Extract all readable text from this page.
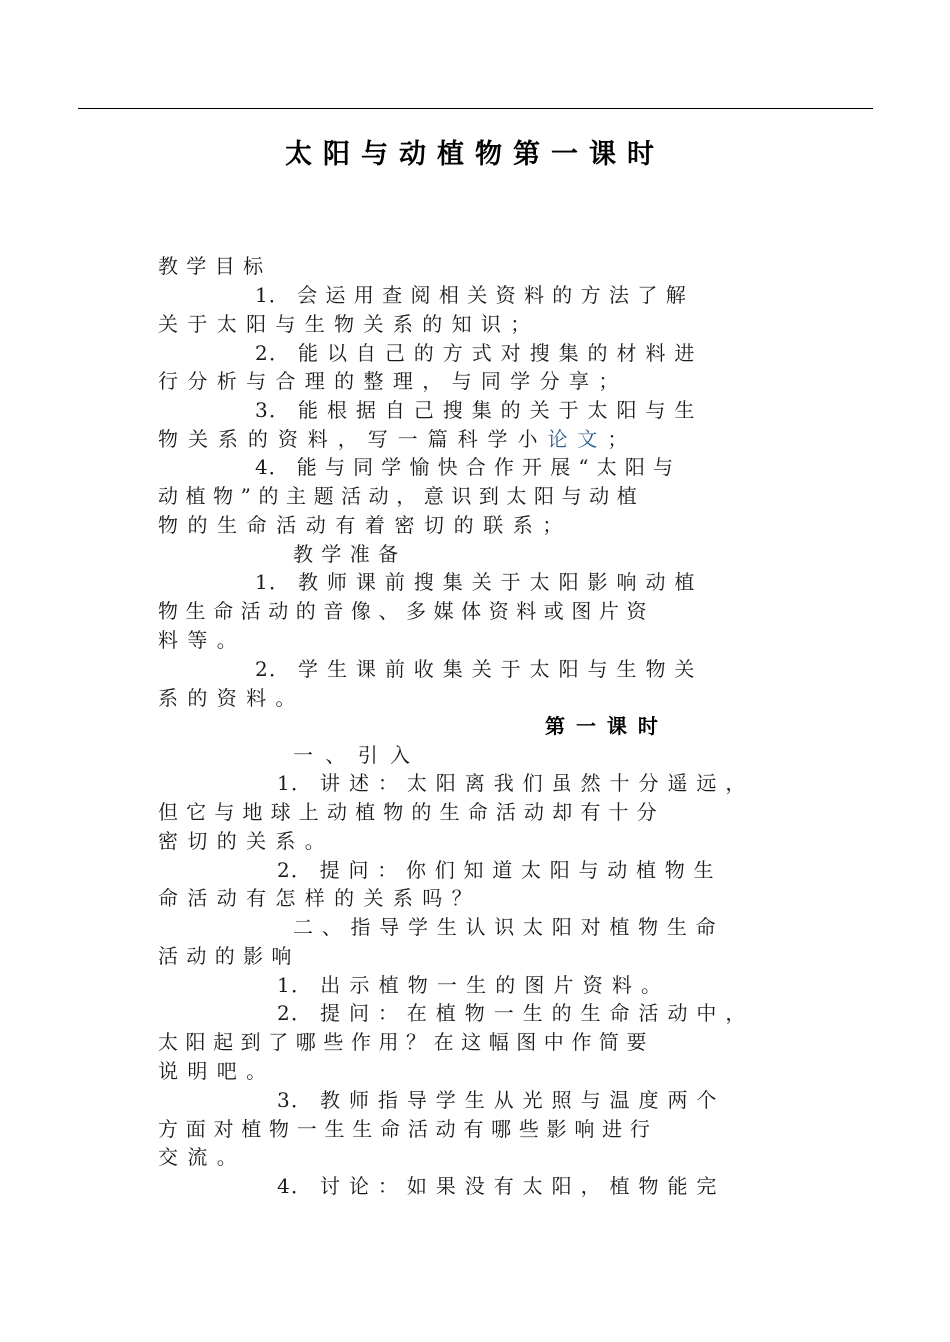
太阳与动植物第一课时
教 学 目 标
1． 会 运 用 查 阅 相 关 资 料 的 方 法 了 解
关 于 太 阳 与 生 物 关 系 的 知 识 ；
2． 能 以 自 己 的 方 式 对 搜 集 的 材 料 进
行 分 析 与 合 理 的 整 理 ， 与 同 学 分 享 ；
3． 能 根 据 自 己 搜 集 的 关 于 太 阳 与 生
物 关 系 的 资 料 ， 写 一 篇 科 学 小 论 文 ；
4． 能 与 同 学 愉 快 合 作 开 展 “ 太 阳 与
动 植 物 ” 的 主 题 活 动 ， 意 识 到 太 阳 与 动 植
物 的 生 命 活 动 有 着 密 切 的 联 系 ；
教 学 准 备
1． 教 师 课 前 搜 集 关 于 太 阳 影 响 动 植
物 生 命 活 动 的 音 像 、 多 媒 体 资 料 或 图 片 资
料 等 。
2． 学 生 课 前 收 集 关 于 太 阳 与 生 物 关
系 的 资 料 。
第 一 课 时
一 、 引 入
1． 讲 述 ： 太 阳 离 我 们 虽 然 十 分 遥 远 ，
但 它 与 地 球 上 动 植 物 的 生 命 活 动 却 有 十 分
密 切 的 关 系 。
2． 提 问 ： 你 们 知 道 太 阳 与 动 植 物 生
命 活 动 有 怎 样 的 关 系 吗 ？
二 、 指 导 学 生 认 识 太 阳 对 植 物 生 命
活 动 的 影 响
1． 出 示 植 物 一 生 的 图 片 资 料 。
2． 提 问 ： 在 植 物 一 生 的 生 命 活 动 中 ，
太 阳 起 到 了 哪 些 作 用 ？ 在 这 幅 图 中 作 简 要
说 明 吧 。
3． 教 师 指 导 学 生 从 光 照 与 温 度 两 个
方 面 对 植 物 一 生 生 命 活 动 有 哪 些 影 响 进 行
交 流 。
4． 讨 论 ： 如 果 没 有 太 阳 ， 植 物 能 完
